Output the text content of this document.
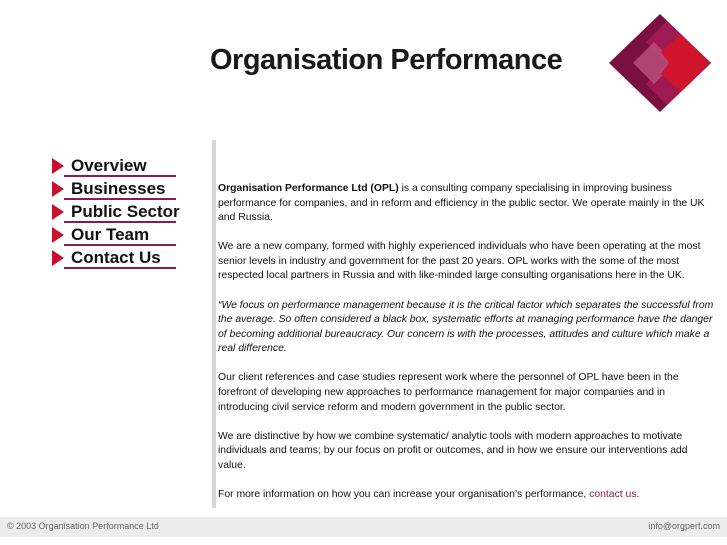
Organisation Performance
Overview
Businesses
Public Sector
Our Team
Contact Us

Organisation Performance Ltd (OPL) is a consulting company specialising in improving business performance for companies, and in reform and efficiency in the public sector. We operate mainly in the UK and Russia.

We are a new company, formed with highly experienced individuals who have been operating at the most senior levels in industry and government for the past 20 years. OPL works with the some of the most respected local partners in Russia and with like-minded large consulting organisations here in the UK.

“We focus on performance management because it is the critical factor which separates the successful from the average. So often considered a black box, systematic efforts at managing performance have the danger of becoming additional bureaucracy. Our concern is with the processes, attitudes and culture which make a real difference.

Our client references and case studies represent work where the personnel of OPL have been in the forefront of developing new approaches to performance management for major companies and in introducing civil service reform and modern government in the public sector.

We are distinctive by how we combine systematic/ analytic tools with modern approaches to motivate individuals and teams; by our focus on profit or outcomes, and in how we ensure our interventions add value.

For more information on how you can increase your organisation’s performance, contact us.

© 2003 Organisation Performance Ltd	info@orgperf.com
